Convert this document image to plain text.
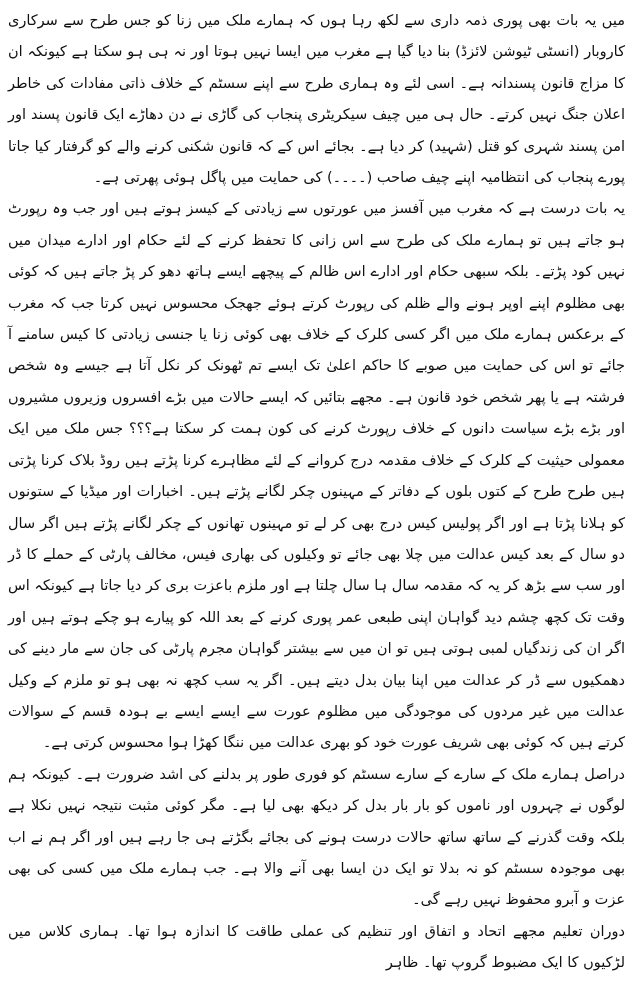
میں یہ بات بھی پوری ذمہ داری سے لکھ رہا ہوں کہ ہمارے ملک میں زنا کو جس طرح سے سرکاری کاروبار (انسٹی ٹیوشن لائزڈ) بنا دیا گیا ہے مغرب میں ایسا نہیں ہوتا اور نہ ہی ہو سکتا ہے کیونکہ ان کا مزاج قانون پسندانہ ہے۔ اسی لئے وہ ہماری طرح سے اپنے سسٹم کے خلاف ذاتی مفادات کی خاطر اعلان جنگ نہیں کرتے۔ حال ہی میں چیف سیکریٹری پنجاب کی گاڑی نے دن دھاڑے ایک قانون پسند اور امن پسند شہری کو قتل (شہید) کر دیا ہے۔ بجائے اس کے کہ قانون شکنی کرنے والے کو گرفتار کیا جاتا پورے پنجاب کی انتظامیہ اپنے چیف صاحب (۔۔۔۔) کی حمایت میں پاگل ہوئی پھرتی ہے۔

یہ بات درست ہے کہ مغرب میں آفسز میں عورتوں سے زیادتی کے کیسز ہوتے ہیں اور جب وہ رپورٹ ہو جاتے ہیں تو ہمارے ملک کی طرح سے اس زانی کا تحفظ کرنے کے لئے حکام اور ادارے میدان میں نہیں کود پڑتے۔ بلکہ سبھی حکام اور ادارے اس ظالم کے پیچھے ایسے ہاتھ دھو کر پڑ جاتے ہیں کہ کوئی بھی مظلوم اپنے اوپر ہونے والے ظلم کی رپورٹ کرتے ہوئے جھجک محسوس نہیں کرتا جب کہ مغرب کے برعکس ہمارے ملک میں اگر کسی کلرک کے خلاف بھی کوئی زنا یا جنسی زیادتی کا کیس سامنے آ جائے تو اس کی حمایت میں صوبے کا حاکم اعلیٰ تک ایسے تم ٹھونک کر نکل آتا ہے جیسے وہ شخص فرشتہ ہے یا پھر شخص خود قانون ہے۔ مجھے بتائیں کہ ایسے حالات میں بڑے افسروں وزیروں مشیروں اور بڑے بڑے سیاست دانوں کے خلاف رپورٹ کرنے کی کون ہمت کر سکتا ہے؟؟؟ جس ملک میں ایک معمولی حیثیت کے کلرک کے خلاف مقدمہ درج کروانے کے لئے مظاہرے کرنا پڑتے ہیں روڈ بلاک کرنا پڑتی ہیں طرح طرح کے کتوں بلوں کے دفاتر کے مہینوں چکر لگانے پڑتے ہیں۔ اخبارات اور میڈیا کے ستونوں کو ہلانا پڑتا ہے اور اگر پولیس کیس درج بھی کر لے تو مہینوں تھانوں کے چکر لگانے پڑتے ہیں اگر سال دو سال کے بعد کیس عدالت میں چلا بھی جائے تو وکیلوں کی بھاری فیس، مخالف پارٹی کے حملے کا ڈر اور سب سے بڑھ کر یہ کہ مقدمہ سال ہا سال چلتا ہے اور ملزم باعزت بری کر دیا جاتا ہے کیونکہ اس وقت تک کچھ چشم دید گواہان اپنی طبعی عمر پوری کرنے کے بعد اللہ کو پیارے ہو چکے ہوتے ہیں اور اگر ان کی زندگیاں لمبی ہوتی ہیں تو ان میں سے بیشتر گواہان مجرم پارٹی کی جان سے مار دینے کی دھمکیوں سے ڈر کر عدالت میں اپنا بیان بدل دیتے ہیں۔ اگر یہ سب کچھ نہ بھی ہو تو ملزم کے وکیل عدالت میں غیر مردوں کی موجودگی میں مظلوم عورت سے ایسے ایسے بے ہودہ قسم کے سوالات کرتے ہیں کہ کوئی بھی شریف عورت خود کو بھری عدالت میں ننگا کھڑا ہوا محسوس کرتی ہے۔

دراصل ہمارے ملک کے سارے کے سارے سسٹم کو فوری طور پر بدلنے کی اشد ضرورت ہے۔ کیونکہ ہم لوگوں نے چہروں اور ناموں کو بار بار بدل کر دیکھ بھی لیا ہے۔ مگر کوئی مثبت نتیجہ نہیں نکلا ہے بلکہ وقت گذرنے کے ساتھ ساتھ حالات درست ہونے کی بجائے بگڑتے ہی جا رہے ہیں اور اگر ہم نے اب بھی موجودہ سسٹم کو نہ بدلا تو ایک دن ایسا بھی آنے والا ہے۔ جب ہمارے ملک میں کسی کی بھی عزت و آبرو محفوظ نہیں رہے گی۔

دوران تعلیم مجھے اتحاد و اتفاق اور تنظیم کی عملی طاقت کا اندازہ ہوا تھا۔ ہماری کلاس میں لڑکیوں کا ایک مضبوط گروپ تھا۔ ظاہر
